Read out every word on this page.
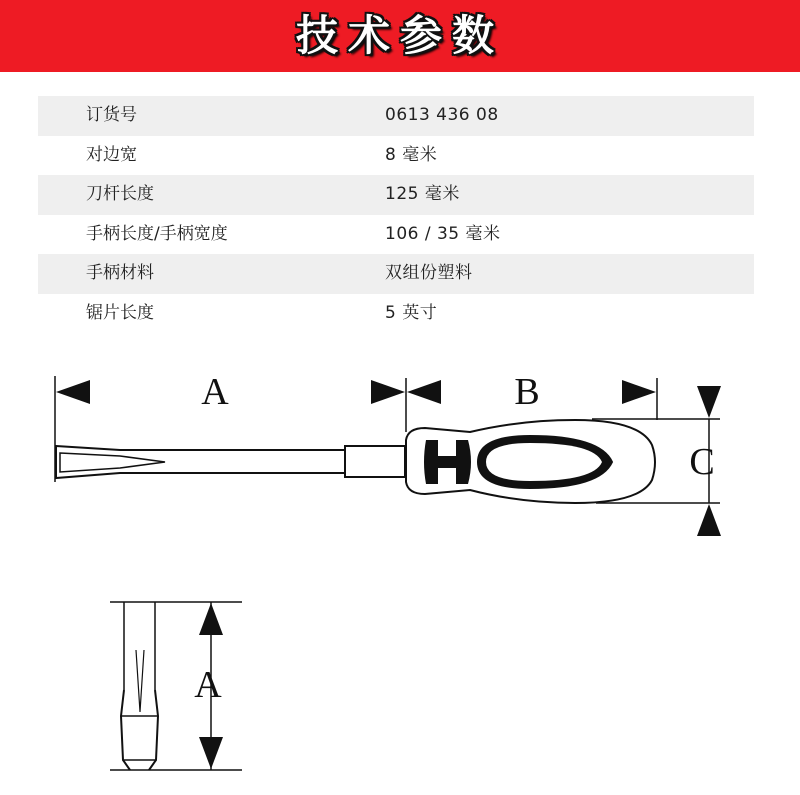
技术参数
订货号	0613 436 08
对边宽	8 毫米
刀杆长度	125 毫米
手柄长度/手柄宽度	106 / 35 毫米
手柄材料	双组份塑料
锯片长度	5 英寸
A	B
C
A
